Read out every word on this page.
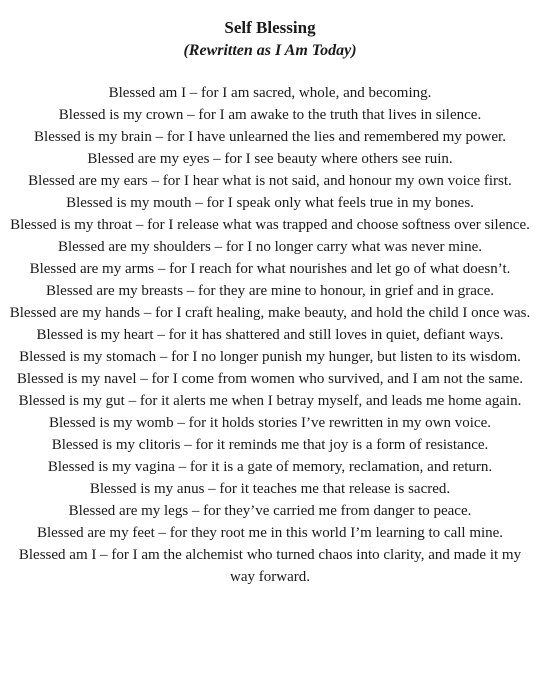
Self Blessing
(Rewritten as I Am Today)
Blessed am I – for I am sacred, whole, and becoming.
Blessed is my crown – for I am awake to the truth that lives in silence.
Blessed is my brain – for I have unlearned the lies and remembered my power.
Blessed are my eyes – for I see beauty where others see ruin.
Blessed are my ears – for I hear what is not said, and honour my own voice first.
Blessed is my mouth – for I speak only what feels true in my bones.
Blessed is my throat – for I release what was trapped and choose softness over silence.
Blessed are my shoulders – for I no longer carry what was never mine.
Blessed are my arms – for I reach for what nourishes and let go of what doesn’t.
Blessed are my breasts – for they are mine to honour, in grief and in grace.
Blessed are my hands – for I craft healing, make beauty, and hold the child I once was.
Blessed is my heart – for it has shattered and still loves in quiet, defiant ways.
Blessed is my stomach – for I no longer punish my hunger, but listen to its wisdom.
Blessed is my navel – for I come from women who survived, and I am not the same.
Blessed is my gut – for it alerts me when I betray myself, and leads me home again.
Blessed is my womb – for it holds stories I’ve rewritten in my own voice.
Blessed is my clitoris – for it reminds me that joy is a form of resistance.
Blessed is my vagina – for it is a gate of memory, reclamation, and return.
Blessed is my anus – for it teaches me that release is sacred.
Blessed are my legs – for they’ve carried me from danger to peace.
Blessed are my feet – for they root me in this world I’m learning to call mine.
Blessed am I – for I am the alchemist who turned chaos into clarity, and made it my way forward.
